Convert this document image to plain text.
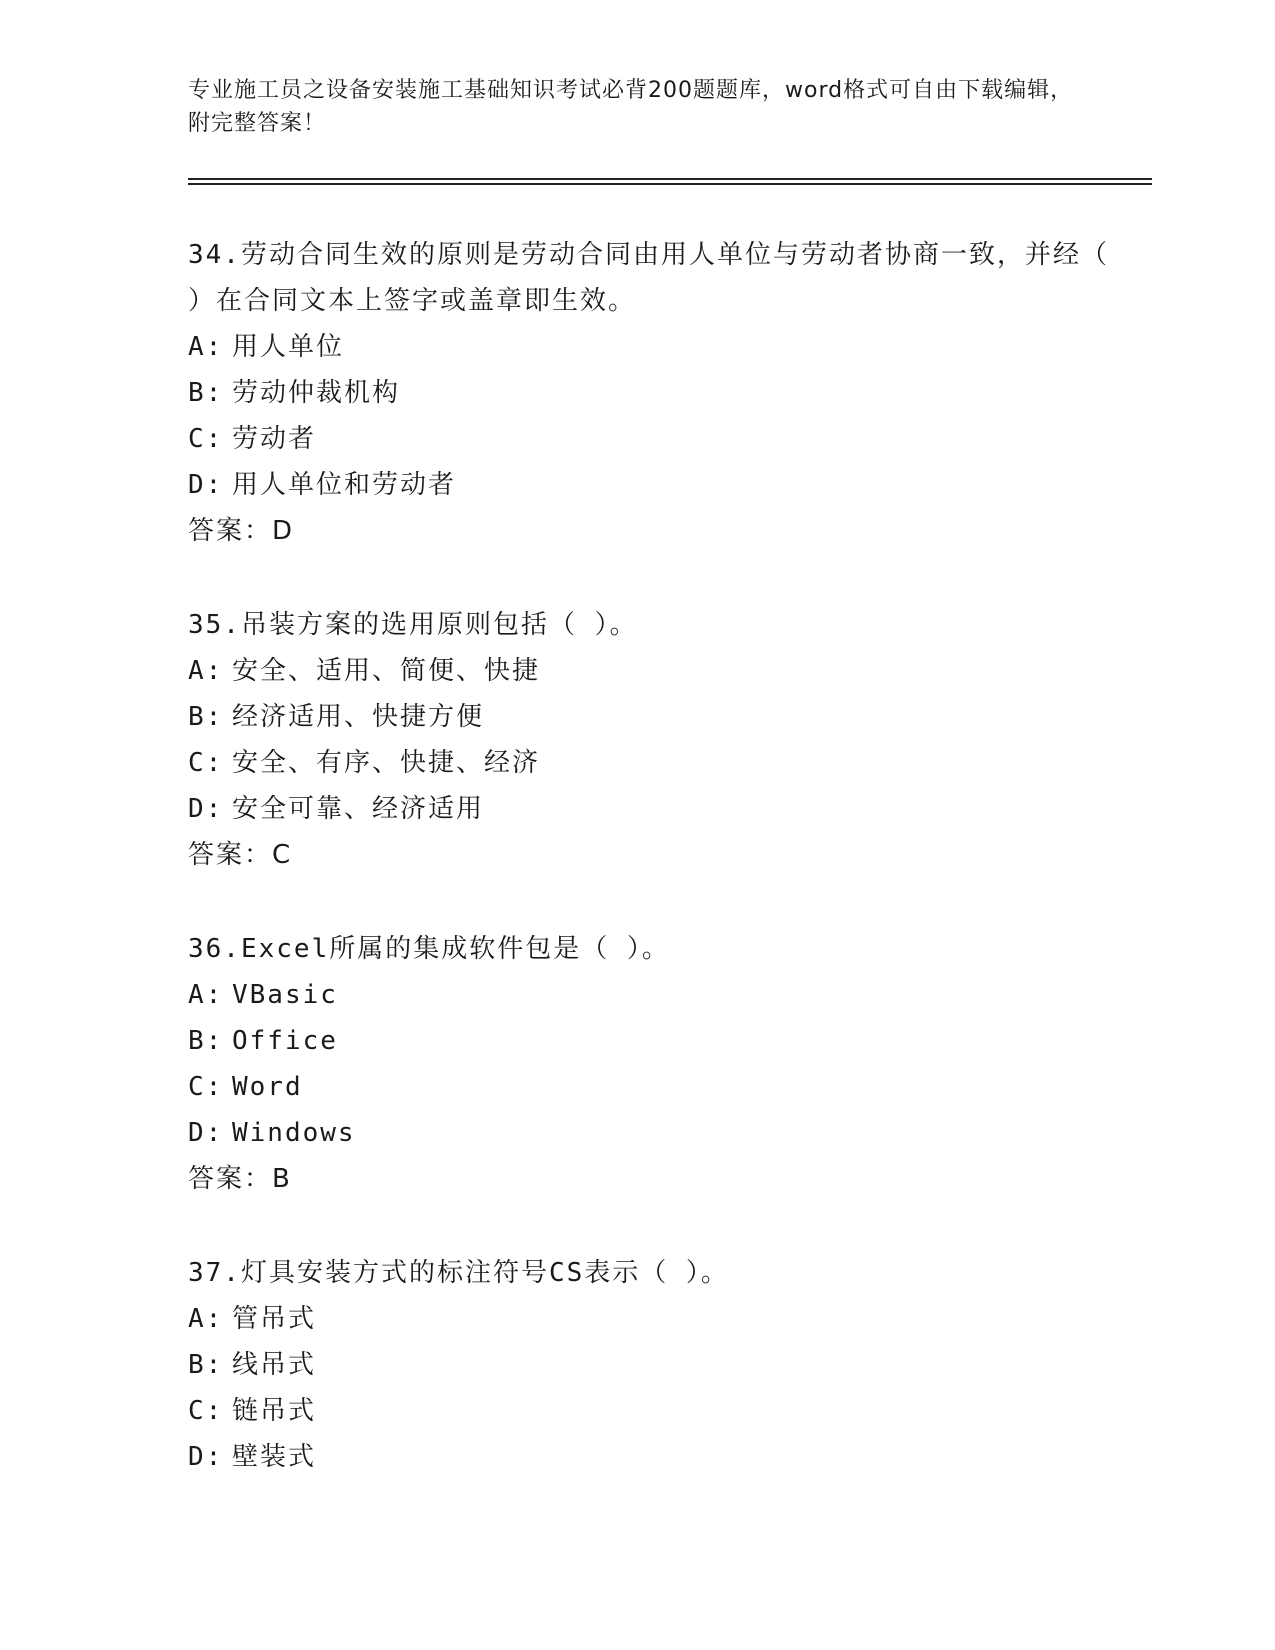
专业施工员之设备安装施工基础知识考试必背200题题库，word格式可自由下载编辑，附完整答案！
34.劳动合同生效的原则是劳动合同由用人单位与劳动者协商一致，并经（ ）在合同文本上签字或盖章即生效。
A: 用人单位
B: 劳动仲裁机构
C: 劳动者
D: 用人单位和劳动者
答案：D
35.吊装方案的选用原则包括（ ）。
A: 安全、适用、简便、快捷
B: 经济适用、快捷方便
C: 安全、有序、快捷、经济
D: 安全可靠、经济适用
答案：C
36.Excel所属的集成软件包是（ ）。
A: VBasic
B: Office
C: Word
D: Windows
答案：B
37.灯具安装方式的标注符号CS表示（ ）。
A: 管吊式
B: 线吊式
C: 链吊式
D: 壁装式
